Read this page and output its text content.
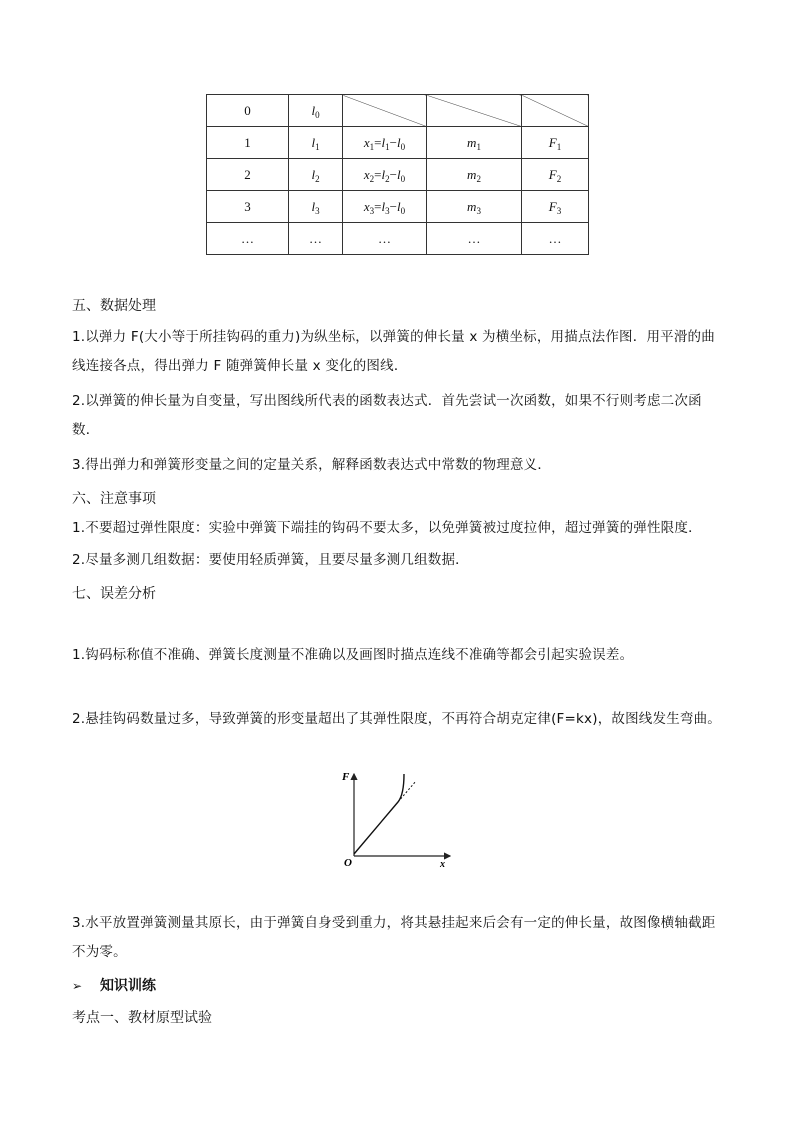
0	$l_0$			
1	$l_1$	$x_1=l_1-l_0$	$m_1$	$F_1$
2	$l_2$	$x_2=l_2-l_0$	$m_2$	$F_2$
3	$l_3$	$x_3=l_3-l_0$	$m_3$	$F_3$
…	…	…	…	…
五、数据处理
1.以弹力 F(大小等于所挂钩码的重力)为纵坐标，以弹簧的伸长量 x 为横坐标，用描点法作图．用平滑的曲线连接各点，得出弹力 F 随弹簧伸长量 x 变化的图线．
2.以弹簧的伸长量为自变量，写出图线所代表的函数表达式．首先尝试一次函数，如果不行则考虑二次函数．
3.得出弹力和弹簧形变量之间的定量关系，解释函数表达式中常数的物理意义．
六、注意事项
1.不要超过弹性限度：实验中弹簧下端挂的钩码不要太多，以免弹簧被过度拉伸，超过弹簧的弹性限度．
2.尽量多测几组数据：要使用轻质弹簧，且要尽量多测几组数据．
七、误差分析
1.钩码标称值不准确、弹簧长度测量不准确以及画图时描点连线不准确等都会引起实验误差。
2.悬挂钩码数量过多，导致弹簧的形变量超出了其弹性限度，不再符合胡克定律(F=kx)，故图线发生弯曲。
F
x
O
3.水平放置弹簧测量其原长，由于弹簧自身受到重力，将其悬挂起来后会有一定的伸长量，故图像横轴截距不为零。
➢ 知识训练
考点一、教材原型试验
